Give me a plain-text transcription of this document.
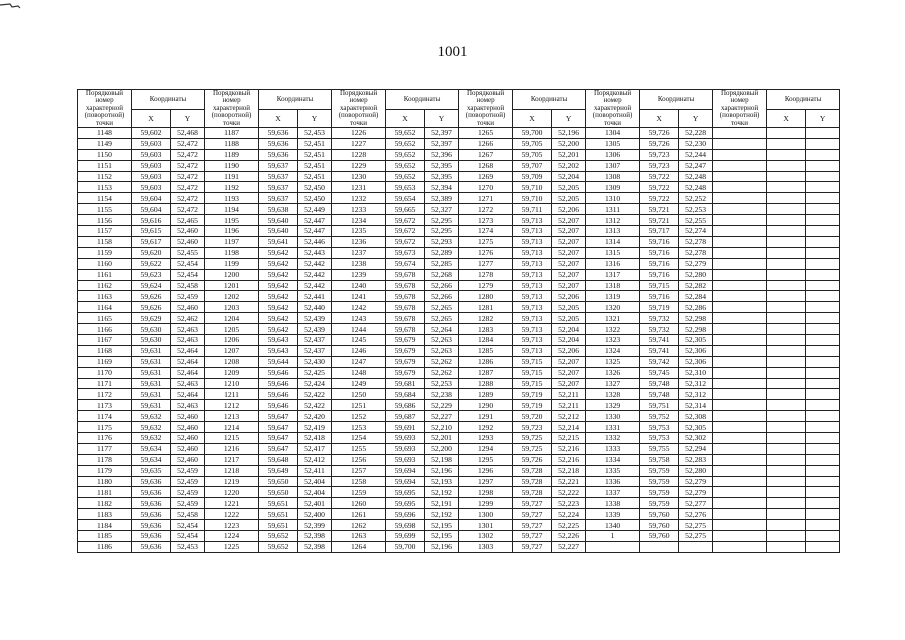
1001
Порядковый номер характерной (поворотной) точки	Координаты		Порядковый номер характерной (поворотной) точки	Координаты		Порядковый номер характерной (поворотной) точки	Координаты		Порядковый номер характерной (поворотной) точки	Координаты		Порядковый номер характерной (поворотной) точки	Координаты		Порядковый номер характерной (поворотной) точки	Координаты	
	X	Y		X	Y		X	Y		X	Y		X	Y		X	Y
1148	59,602	52,468	1187	59,636	52,453	1226	59,652	52,397	1265	59,700	52,196	1304	59,726	52,228			
1149	59,603	52,472	1188	59,636	52,451	1227	59,652	52,397	1266	59,705	52,200	1305	59,726	52,230			
1150	59,603	52,472	1189	59,636	52,451	1228	59,652	52,396	1267	59,705	52,201	1306	59,723	52,244			
1151	59,603	52,472	1190	59,637	52,451	1229	59,652	52,395	1268	59,707	52,202	1307	59,723	52,247			
1152	59,603	52,472	1191	59,637	52,451	1230	59,652	52,395	1269	59,709	52,204	1308	59,722	52,248			
1153	59,603	52,472	1192	59,637	52,450	1231	59,653	52,394	1270	59,710	52,205	1309	59,722	52,248			
1154	59,604	52,472	1193	59,637	52,450	1232	59,654	52,389	1271	59,710	52,205	1310	59,722	52,252			
1155	59,604	52,472	1194	59,638	52,449	1233	59,665	52,327	1272	59,711	52,206	1311	59,721	52,253			
1156	59,616	52,465	1195	59,640	52,447	1234	59,672	52,295	1273	59,713	52,207	1312	59,721	52,255			
1157	59,615	52,460	1196	59,640	52,447	1235	59,672	52,295	1274	59,713	52,207	1313	59,717	52,274			
1158	59,617	52,460	1197	59,641	52,446	1236	59,672	52,293	1275	59,713	52,207	1314	59,716	52,278			
1159	59,620	52,455	1198	59,642	52,443	1237	59,673	52,289	1276	59,713	52,207	1315	59,716	52,278			
1160	59,622	52,454	1199	59,642	52,442	1238	59,674	52,285	1277	59,713	52,207	1316	59,716	52,279			
1161	59,623	52,454	1200	59,642	52,442	1239	59,678	52,268	1278	59,713	52,207	1317	59,716	52,280			
1162	59,624	52,458	1201	59,642	52,442	1240	59,678	52,266	1279	59,713	52,207	1318	59,715	52,282			
1163	59,626	52,459	1202	59,642	52,441	1241	59,678	52,266	1280	59,713	52,206	1319	59,716	52,284			
1164	59,626	52,460	1203	59,642	52,440	1242	59,678	52,265	1281	59,713	52,205	1320	59,719	52,286			
1165	59,629	52,462	1204	59,642	52,439	1243	59,678	52,265	1282	59,713	52,205	1321	59,732	52,298			
1166	59,630	52,463	1205	59,642	52,439	1244	59,678	52,264	1283	59,713	52,204	1322	59,732	52,298			
1167	59,630	52,463	1206	59,643	52,437	1245	59,679	52,263	1284	59,713	52,204	1323	59,741	52,305			
1168	59,631	52,464	1207	59,643	52,437	1246	59,679	52,263	1285	59,713	52,206	1324	59,741	52,306			
1169	59,631	52,464	1208	59,644	52,430	1247	59,679	52,262	1286	59,715	52,207	1325	59,742	52,306			
1170	59,631	52,464	1209	59,646	52,425	1248	59,679	52,262	1287	59,715	52,207	1326	59,745	52,310			
1171	59,631	52,463	1210	59,646	52,424	1249	59,681	52,253	1288	59,715	52,207	1327	59,748	52,312			
1172	59,631	52,464	1211	59,646	52,422	1250	59,684	52,238	1289	59,719	52,211	1328	59,748	52,312			
1173	59,631	52,463	1212	59,646	52,422	1251	59,686	52,229	1290	59,719	52,211	1329	59,751	52,314			
1174	59,632	52,460	1213	59,647	52,420	1252	59,687	52,227	1291	59,720	52,212	1330	59,752	52,308			
1175	59,632	52,460	1214	59,647	52,419	1253	59,691	52,210	1292	59,723	52,214	1331	59,753	52,305			
1176	59,632	52,460	1215	59,647	52,418	1254	59,693	52,201	1293	59,725	52,215	1332	59,753	52,302			
1177	59,634	52,460	1216	59,647	52,417	1255	59,693	52,200	1294	59,725	52,216	1333	59,755	52,294			
1178	59,634	52,460	1217	59,648	52,412	1256	59,693	52,198	1295	59,726	52,216	1334	59,758	52,283			
1179	59,635	52,459	1218	59,649	52,411	1257	59,694	52,196	1296	59,728	52,218	1335	59,759	52,280			
1180	59,636	52,459	1219	59,650	52,404	1258	59,694	52,193	1297	59,728	52,221	1336	59,759	52,279			
1181	59,636	52,459	1220	59,650	52,404	1259	59,695	52,192	1298	59,728	52,222	1337	59,759	52,279			
1182	59,636	52,459	1221	59,651	52,401	1260	59,695	52,191	1299	59,727	52,223	1338	59,759	52,277			
1183	59,636	52,458	1222	59,651	52,400	1261	59,696	52,192	1300	59,727	52,224	1339	59,760	52,276			
1184	59,636	52,454	1223	59,651	52,399	1262	59,698	52,195	1301	59,727	52,225	1340	59,760	52,275			
1185	59,636	52,454	1224	59,652	52,398	1263	59,699	52,195	1302	59,727	52,226	1	59,760	52,275			
1186	59,636	52,453	1225	59,652	52,398	1264	59,700	52,196	1303	59,727	52,227						
